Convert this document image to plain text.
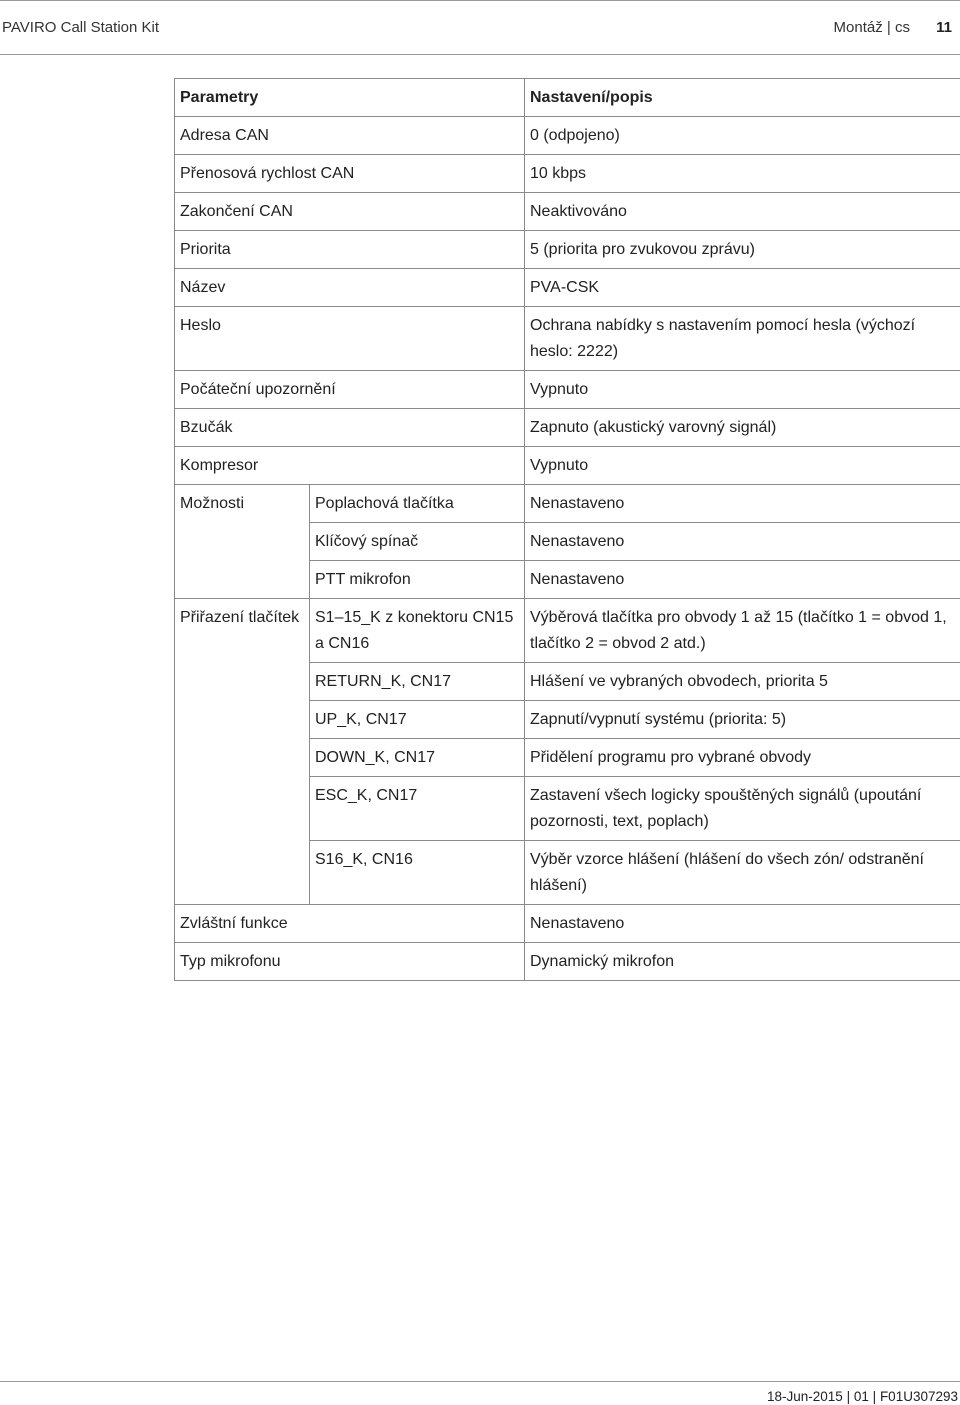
PAVIRO Call Station Kit	Montáž | cs 11
Parametry		Nastavení/popis
Adresa CAN		0 (odpojeno)
Přenosová rychlost CAN		10 kbps
Zakončení CAN		Neaktivováno
Priorita		5 (priorita pro zvukovou zprávu)
Název		PVA-CSK
Heslo		Ochrana nabídky s nastavením pomocí hesla (výchozí heslo: 2222)
Počáteční upozornění		Vypnuto
Bzučák		Zapnuto (akustický varovný signál)
Kompresor		Vypnuto
Možnosti	Poplachová tlačítka	Nenastaveno
	Klíčový spínač	Nenastaveno
	PTT mikrofon	Nenastaveno
Přiřazení tlačítek	S1–15_K z konektoru CN15 a CN16	Výběrová tlačítka pro obvody 1 až 15 (tlačítko 1 = obvod 1, tlačítko 2 = obvod 2 atd.)
	RETURN_K, CN17	Hlášení ve vybraných obvodech, priorita 5
	UP_K, CN17	Zapnutí/vypnutí systému (priorita: 5)
	DOWN_K, CN17	Přidělení programu pro vybrané obvody
	ESC_K, CN17	Zastavení všech logicky spouštěných signálů (upoutání pozornosti, text, poplach)
	S16_K, CN16	Výběr vzorce hlášení (hlášení do všech zón/ odstranění hlášení)
Zvláštní funkce		Nenastaveno
Typ mikrofonu		Dynamický mikrofon
18-Jun-2015 | 01 | F01U307293
